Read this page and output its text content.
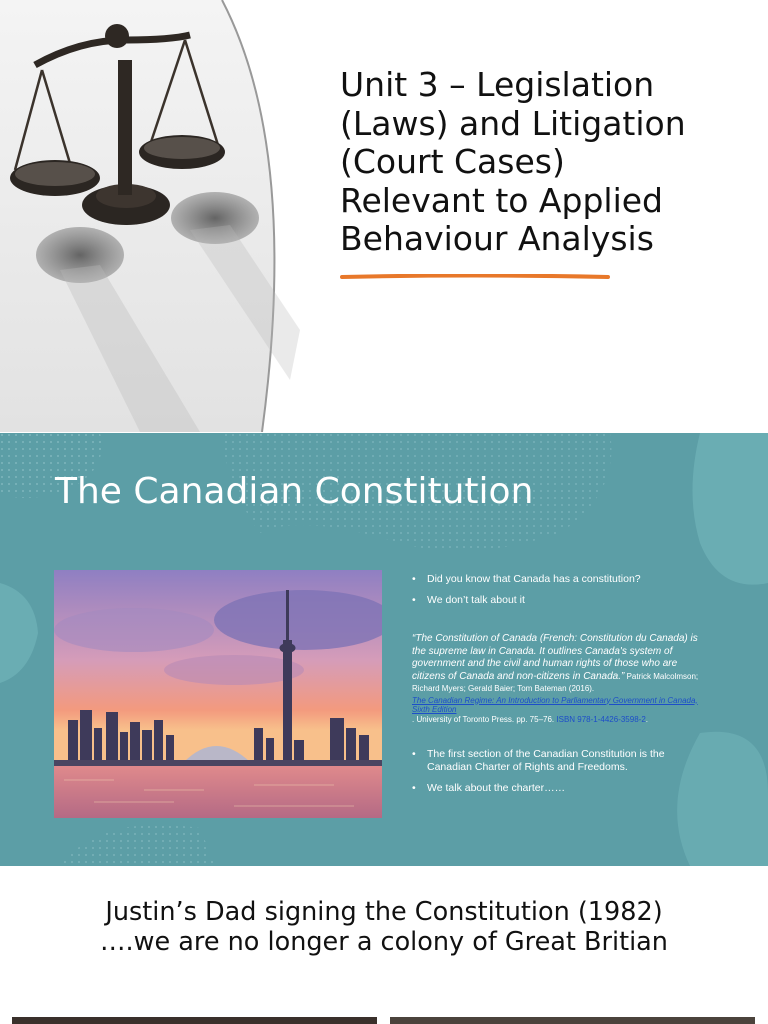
Unit 3 – Legislation
(Laws) and Litigation
(Court Cases)
Relevant to Applied
Behaviour Analysis
The Canadian Constitution
• Did you know that Canada has a constitution?
• We don’t talk about it
“The Constitution of Canada (French: Constitution du Canada) is the supreme law in Canada. It outlines Canada's system of government and the civil and human rights of those who are citizens of Canada and non-citizens in Canada.” Patrick Malcolmson; Richard Myers; Gerald Baier; Tom Bateman (2016).
The Canadian Regime: An Introduction to Parliamentary Government in Canada, Sixth Edition
. University of Toronto Press. pp. 75–76. ISBN 978-1-4426-3598-2.
• The first section of the Canadian Constitution is the Canadian Charter of Rights and Freedoms.
• We talk about the charter……
Justin’s Dad signing the Constitution (1982)
….we are no longer a colony of Great Britian
